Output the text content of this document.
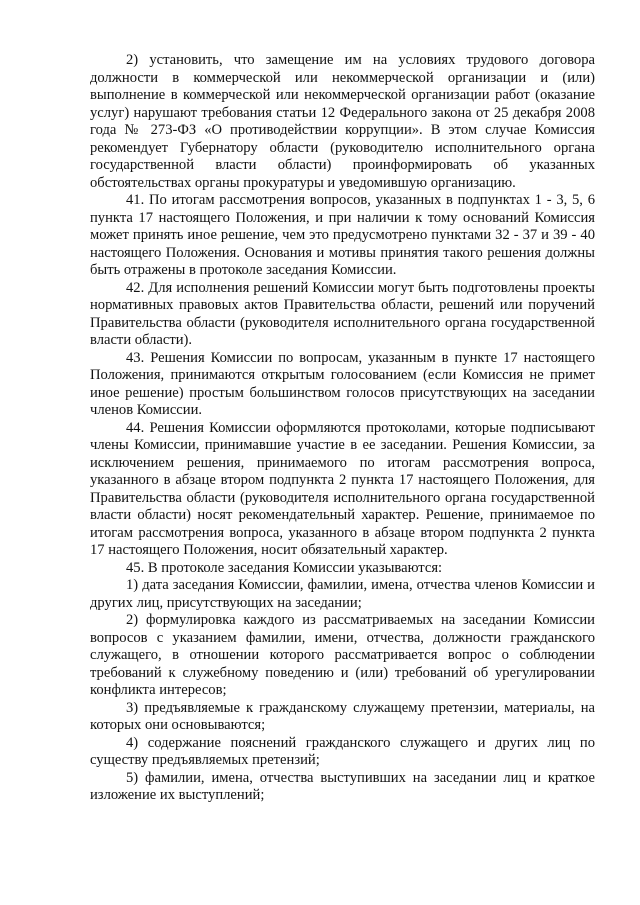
2) установить, что замещение им на условиях трудового договора должности в коммерческой или некоммерческой организации и (или) выполнение в коммерческой или некоммерческой организации работ (оказание услуг) нарушают требования статьи 12 Федерального закона от 25 декабря 2008 года № 273-ФЗ «О противодействии коррупции». В этом случае Комиссия рекомендует Губернатору области (руководителю исполнительного органа государственной власти области) проинформировать об указанных обстоятельствах органы прокуратуры и уведомившую организацию.

41. По итогам рассмотрения вопросов, указанных в подпунктах 1 - 3, 5, 6 пункта 17 настоящего Положения, и при наличии к тому оснований Комиссия может принять иное решение, чем это предусмотрено пунктами 32 - 37 и 39 - 40 настоящего Положения. Основания и мотивы принятия такого решения должны быть отражены в протоколе заседания Комиссии.

42. Для исполнения решений Комиссии могут быть подготовлены проекты нормативных правовых актов Правительства области, решений или поручений Правительства области (руководителя исполнительного органа государственной власти области).

43. Решения Комиссии по вопросам, указанным в пункте 17 настоящего Положения, принимаются открытым голосованием (если Комиссия не примет иное решение) простым большинством голосов присутствующих на заседании членов Комиссии.

44. Решения Комиссии оформляются протоколами, которые подписывают члены Комиссии, принимавшие участие в ее заседании. Решения Комиссии, за исключением решения, принимаемого по итогам рассмотрения вопроса, указанного в абзаце втором подпункта 2 пункта 17 настоящего Положения, для Правительства области (руководителя исполнительного органа государственной власти области) носят рекомендательный характер. Решение, принимаемое по итогам рассмотрения вопроса, указанного в абзаце втором подпункта 2 пункта 17 настоящего Положения, носит обязательный характер.

45. В протоколе заседания Комиссии указываются:

1) дата заседания Комиссии, фамилии, имена, отчества членов Комиссии и других лиц, присутствующих на заседании;

2) формулировка каждого из рассматриваемых на заседании Комиссии вопросов с указанием фамилии, имени, отчества, должности гражданского служащего, в отношении которого рассматривается вопрос о соблюдении требований к служебному поведению и (или) требований об урегулировании конфликта интересов;

3) предъявляемые к гражданскому служащему претензии, материалы, на которых они основываются;

4) содержание пояснений гражданского служащего и других лиц по существу предъявляемых претензий;

5) фамилии, имена, отчества выступивших на заседании лиц и краткое изложение их выступлений;
